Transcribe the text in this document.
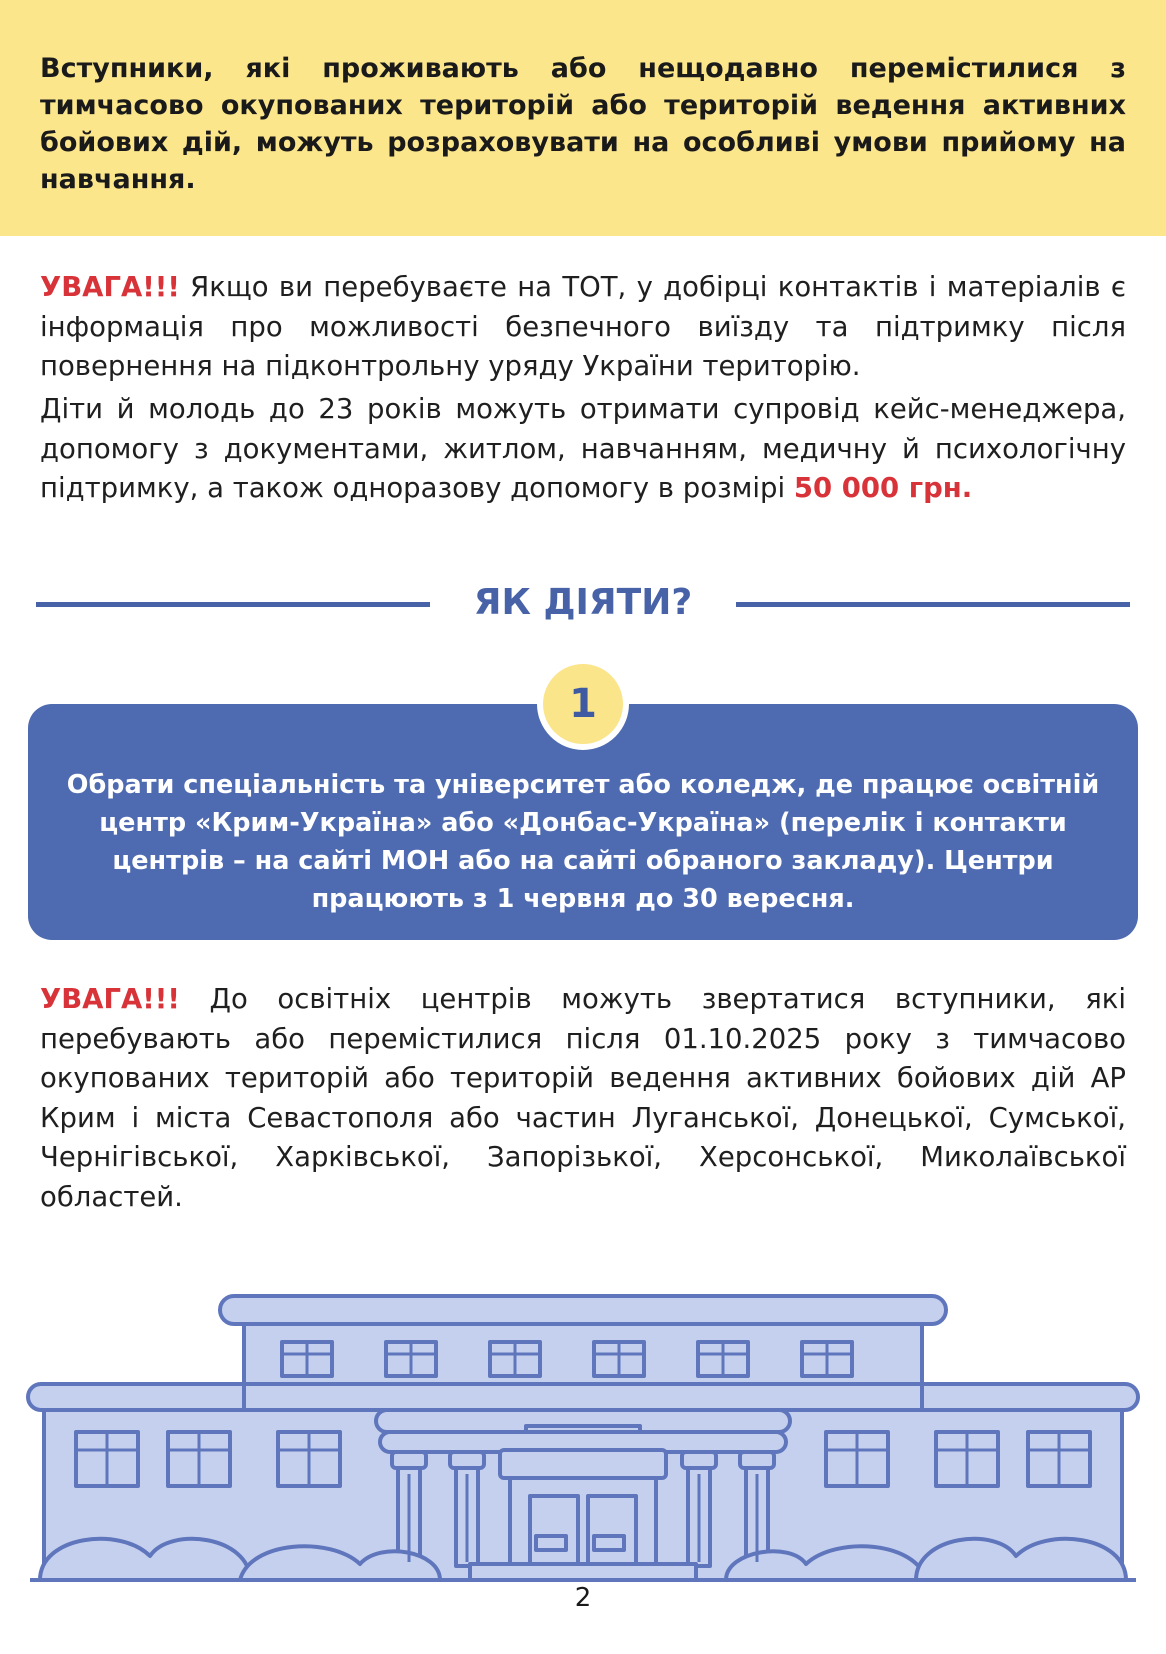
Вступники, які проживають або нещодавно перемістилися з тимчасово окупованих територій або територій ведення активних бойових дій, можуть розраховувати на особливі умови прийому на навчання.

УВАГА!!! Якщо ви перебуваєте на ТОТ, у добірці контактів і матеріалів є інформація про можливості безпечного виїзду та підтримку після повернення на підконтрольну уряду України територію.

Діти й молодь до 23 років можуть отримати супровід кейс-менеджера, допомогу з документами, житлом, навчанням, медичну й психологічну підтримку, а також одноразову допомогу в розмірі 50 000 грн.

ЯК ДІЯТИ?

Обрати спеціальність та університет або коледж, де працює освітній центр «Крим-Україна» або «Донбас-Україна» (перелік і контакти центрів – на сайті МОН або на сайті обраного закладу). Центри працюють з 1 червня до 30 вересня.

1

УВАГА!!! До освітніх центрів можуть звертатися вступники, які перебувають або перемістилися після 01.10.2025 року з тимчасово окупованих територій або територій ведення активних бойових дій АР Крим і міста Севастополя або частин Луганської, Донецької, Сумської, Чернігівської, Харківської, Запорізької, Херсонської, Миколаївської областей.

2
